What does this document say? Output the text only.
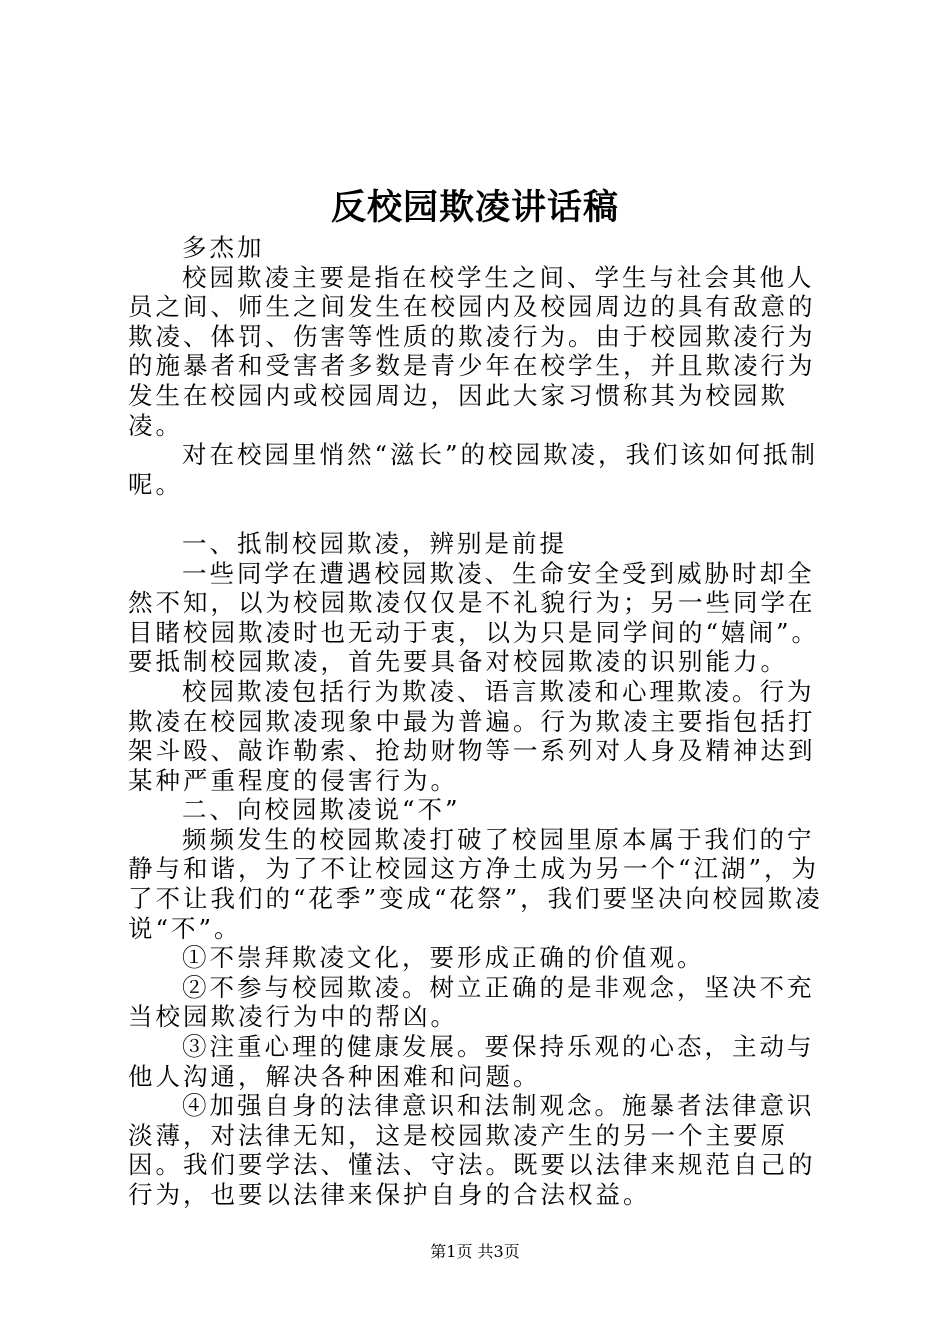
反校园欺凌讲话稿

多杰加

校园欺凌主要是指在校学生之间、学生与社会其他人员之间、师生之间发生在校园内及校园周边的具有敌意的欺凌、体罚、伤害等性质的欺凌行为。由于校园欺凌行为的施暴者和受害者多数是青少年在校学生，并且欺凌行为发生在校园内或校园周边，因此大家习惯称其为校园欺凌。

对在校园里悄然“滋长”的校园欺凌，我们该如何抵制呢。

一、抵制校园欺凌，辨别是前提

一些同学在遭遇校园欺凌、生命安全受到威胁时却全然不知，以为校园欺凌仅仅是不礼貌行为；另一些同学在目睹校园欺凌时也无动于衷，以为只是同学间的“嬉闹”。要抵制校园欺凌，首先要具备对校园欺凌的识别能力。

校园欺凌包括行为欺凌、语言欺凌和心理欺凌。行为欺凌在校园欺凌现象中最为普遍。行为欺凌主要指包括打架斗殴、敲诈勒索、抢劫财物等一系列对人身及精神达到某种严重程度的侵害行为。

二、向校园欺凌说“不”

频频发生的校园欺凌打破了校园里原本属于我们的宁静与和谐，为了不让校园这方净土成为另一个“江湖”，为了不让我们的“花季”变成“花祭”，我们要坚决向校园欺凌说“不”。

①不崇拜欺凌文化，要形成正确的价值观。

②不参与校园欺凌。树立正确的是非观念，坚决不充当校园欺凌行为中的帮凶。

③注重心理的健康发展。要保持乐观的心态，主动与他人沟通，解决各种困难和问题。

④加强自身的法律意识和法制观念。施暴者法律意识淡薄，对法律无知，这是校园欺凌产生的另一个主要原因。我们要学法、懂法、守法。既要以法律来规范自己的行为，也要以法律来保护自身的合法权益。

第1页 共3页
